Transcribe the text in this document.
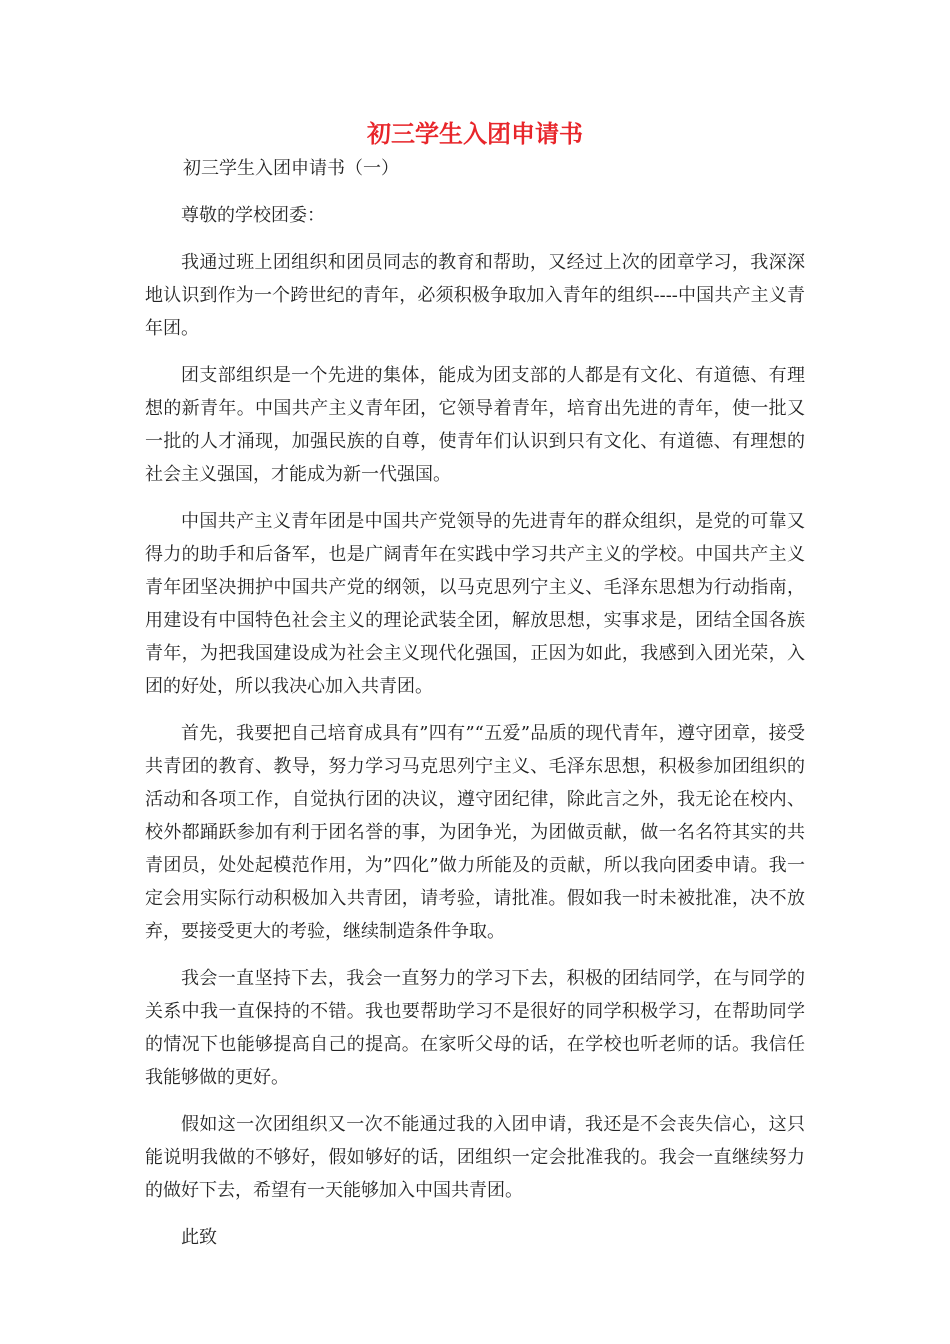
初三学生入团申请书
初三学生入团申请书（一）

尊敬的学校团委：

我通过班上团组织和团员同志的教育和帮助，又经过上次的团章学习，我深深地认识到作为一个跨世纪的青年，必须积极争取加入青年的组织----中国共产主义青年团。

团支部组织是一个先进的集体，能成为团支部的人都是有文化、有道德、有理想的新青年。中国共产主义青年团，它领导着青年，培育出先进的青年，使一批又一批的人才涌现，加强民族的自尊，使青年们认识到只有文化、有道德、有理想的社会主义强国，才能成为新一代强国。

中国共产主义青年团是中国共产党领导的先进青年的群众组织，是党的可靠又得力的助手和后备军，也是广阔青年在实践中学习共产主义的学校。中国共产主义青年团坚决拥护中国共产党的纲领，以马克思列宁主义、毛泽东思想为行动指南，用建设有中国特色社会主义的理论武装全团，解放思想，实事求是，团结全国各族青年，为把我国建设成为社会主义现代化强国，正因为如此，我感到入团光荣，入团的好处，所以我决心加入共青团。

首先，我要把自己培育成具有”四有”“五爱”品质的现代青年，遵守团章，接受共青团的教育、教导，努力学习马克思列宁主义、毛泽东思想，积极参加团组织的活动和各项工作，自觉执行团的决议，遵守团纪律，除此言之外，我无论在校内、校外都踊跃参加有利于团名誉的事，为团争光，为团做贡献，做一名名符其实的共青团员，处处起模范作用，为”四化”做力所能及的贡献，所以我向团委申请。我一定会用实际行动积极加入共青团，请考验，请批准。假如我一时未被批准，决不放弃，要接受更大的考验，继续制造条件争取。

我会一直坚持下去，我会一直努力的学习下去，积极的团结同学，在与同学的关系中我一直保持的不错。我也要帮助学习不是很好的同学积极学习，在帮助同学的情况下也能够提高自己的提高。在家听父母的话，在学校也听老师的话。我信任我能够做的更好。

假如这一次团组织又一次不能通过我的入团申请，我还是不会丧失信心，这只能说明我做的不够好，假如够好的话，团组织一定会批准我的。我会一直继续努力的做好下去，希望有一天能够加入中国共青团。

此致
